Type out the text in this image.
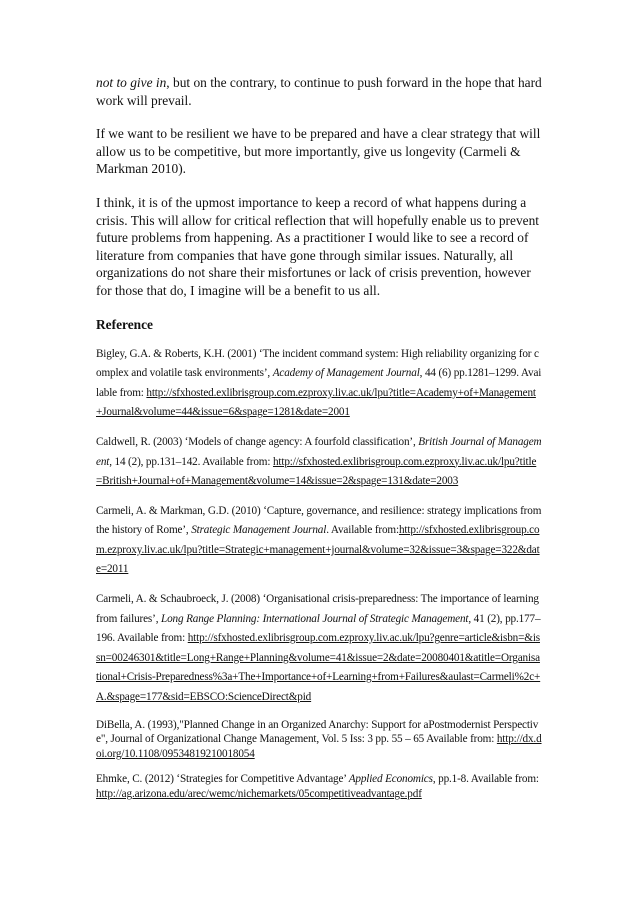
not to give in, but on the contrary, to continue to push forward in the hope that hard work will prevail.

If we want to be resilient we have to be prepared and have a clear strategy that will allow us to be competitive, but more importantly, give us longevity (Carmeli & Markman 2010).

I think, it is of the upmost importance to keep a record of what happens during a crisis. This will allow for critical reflection that will hopefully enable us to prevent future problems from happening. As a practitioner I would like to see a record of literature from companies that have gone through similar issues. Naturally, all organizations do not share their misfortunes or lack of crisis prevention, however for those that do, I imagine will be a benefit to us all.

Reference

Bigley, G.A. & Roberts, K.H. (2001) ‘The incident command system: High reliability organizing for complex and volatile task environments’, Academy of Management Journal, 44 (6) pp.1281–1299. Available from: http://sfxhosted.exlibrisgroup.com.ezproxy.liv.ac.uk/lpu?title=Academy+of+Management+Journal&volume=44&issue=6&spage=1281&date=2001

Caldwell, R. (2003) ‘Models of change agency: A fourfold classification’, British Journal of Management, 14 (2), pp.131–142. Available from: http://sfxhosted.exlibrisgroup.com.ezproxy.liv.ac.uk/lpu?title=British+Journal+of+Management&volume=14&issue=2&spage=131&date=2003

Carmeli, A. & Markman, G.D. (2010) ‘Capture, governance, and resilience: strategy implications from the history of Rome’, Strategic Management Journal. Available from:http://sfxhosted.exlibrisgroup.com.ezproxy.liv.ac.uk/lpu?title=Strategic+management+journal&volume=32&issue=3&spage=322&date=2011

Carmeli, A. & Schaubroeck, J. (2008) ‘Organisational crisis-preparedness: The importance of learning from failures’, Long Range Planning: International Journal of Strategic Management, 41 (2), pp.177–196. Available from: http://sfxhosted.exlibrisgroup.com.ezproxy.liv.ac.uk/lpu?genre=article&isbn=&issn=00246301&title=Long+Range+Planning&volume=41&issue=2&date=20080401&atitle=Organisational+Crisis-Preparedness%3a+The+Importance+of+Learning+from+Failures&aulast=Carmeli%2c+A.&spage=177&sid=EBSCO:ScienceDirect&pid

DiBella, A. (1993),"Planned Change in an Organized Anarchy: Support for aPostmodernist Perspective", Journal of Organizational Change Management, Vol. 5 Iss: 3 pp. 55 – 65 Available from: http://dx.doi.org/10.1108/09534819210018054

Ehmke, C. (2012) ‘Strategies for Competitive Advantage’ Applied Economics, pp.1-8. Available from: http://ag.arizona.edu/arec/wemc/nichemarkets/05competitiveadvantage.pdf
